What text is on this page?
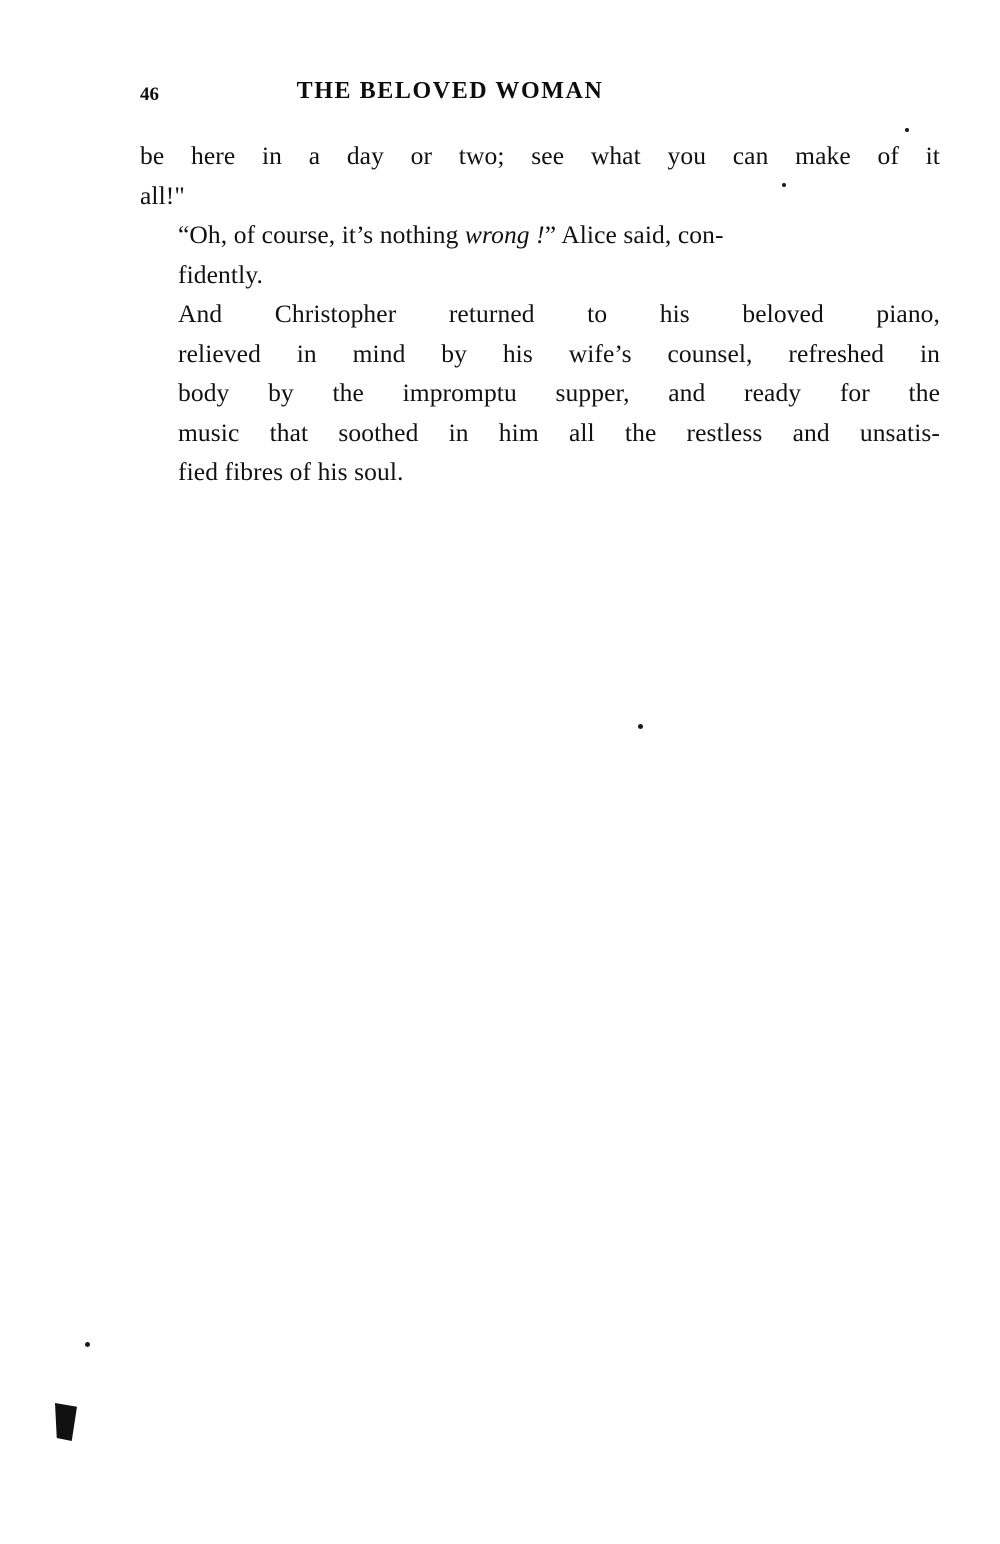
46	THE BELOVED WOMAN

be here in a day or two; see what you can make of it
all!"

“Oh, of course, it’s nothing wrong !” Alice said, con-
fidently.

And Christopher returned to his beloved piano,
relieved in mind by his wife’s counsel, refreshed in
body by the impromptu supper, and ready for the
music that soothed in him all the restless and unsatis-
fied fibres of his soul.
